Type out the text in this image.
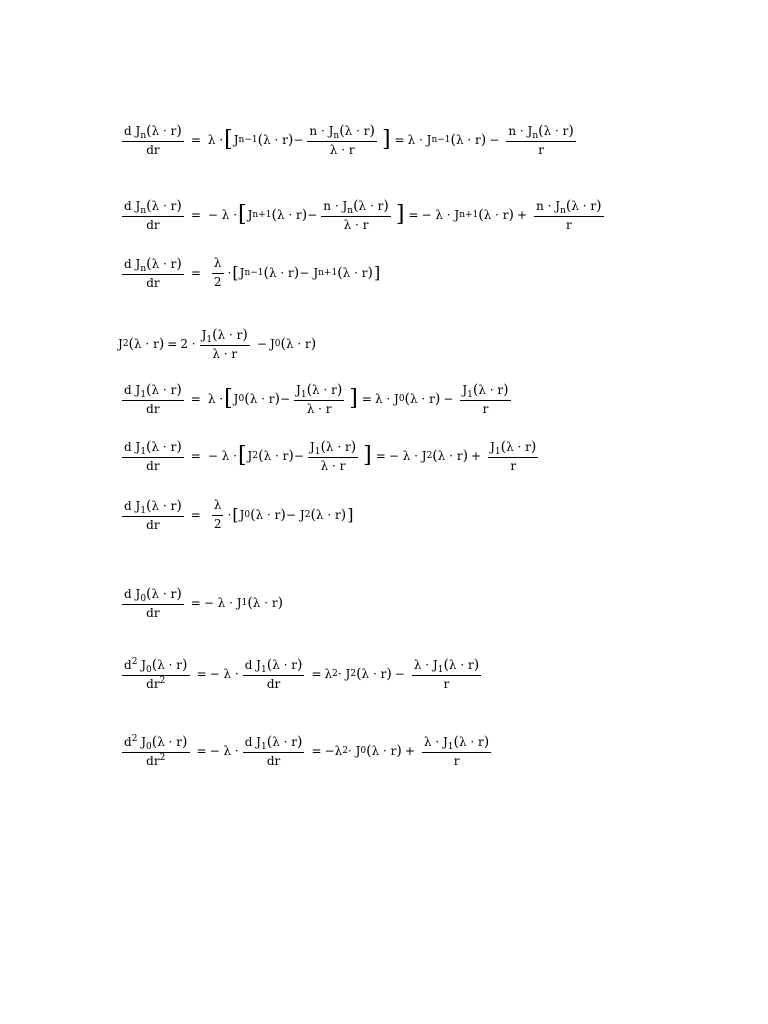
$\frac{d J_n(\lambda \cdot r)}{dr} = \lambda$ · [ J n−1 ( λ · r ) − $\frac{n \cdot J_n(\lambda \cdot r)}{\lambda \cdot r}$ ] = λ · J n−1 ( λ · r ) − $\frac{n \cdot J_n(\lambda \cdot r)}{r}$
$\frac{d J_n(\lambda \cdot r)}{dr}$ = − λ · [ J n+1 ( λ · r ) − $\frac{n \cdot J_n(\lambda \cdot r)}{\lambda \cdot r}$ ] = − λ · J n+1 ( λ · r ) + $\frac{n \cdot J_n(\lambda \cdot r)}{r}$
$\frac{d J_n(\lambda \cdot r)}{dr} = \frac{\lambda}{2}$ · [ J n−1 ( λ · r ) − J n+1 ( λ · r ) ]
J 2 ( λ · r ) = $2 \cdot \frac{J_1(\lambda \cdot r)}{\lambda \cdot r} - J$ 0 ( λ · r )
$\frac{d J_1(\lambda \cdot r)}{dr} = \lambda$ · [ J 0 ( λ · r ) − $\frac{J_1(\lambda \cdot r)}{\lambda \cdot r}$ ] = λ · J 0 ( λ · r ) − $\frac{J_1(\lambda \cdot r)}{r}$
$\frac{d J_1(\lambda \cdot r)}{dr}$ = − λ · [ J 2 ( λ · r ) − $\frac{J_1(\lambda \cdot r)}{\lambda \cdot r}$ ] = − λ · J 2 ( λ · r ) + $\frac{J_1(\lambda \cdot r)}{r}$
$\frac{d J_1(\lambda \cdot r)}{dr} = \frac{\lambda}{2}$ · [ J 0 ( λ · r ) − J 2 ( λ · r ) ]
$\frac{d J_0(\lambda \cdot r)}{dr}$ = − λ · J 1 ( λ · r )
$\frac{d^2 J_0(\lambda \cdot r)}{dr^2}$ = − $\lambda \cdot \frac{d J_1(\lambda \cdot r)}{dr} = \lambda$ 2 · J 2 ( λ · r ) − $\frac{\lambda \cdot J_1(\lambda \cdot r)}{r}$
$\frac{d^2 J_0(\lambda \cdot r)}{dr^2}$ = − $\lambda \cdot \frac{d J_1(\lambda \cdot r)}{dr} = -\lambda$ 2 · J 0 ( λ · r ) + $\frac{\lambda \cdot J_1(\lambda \cdot r)}{r}$
